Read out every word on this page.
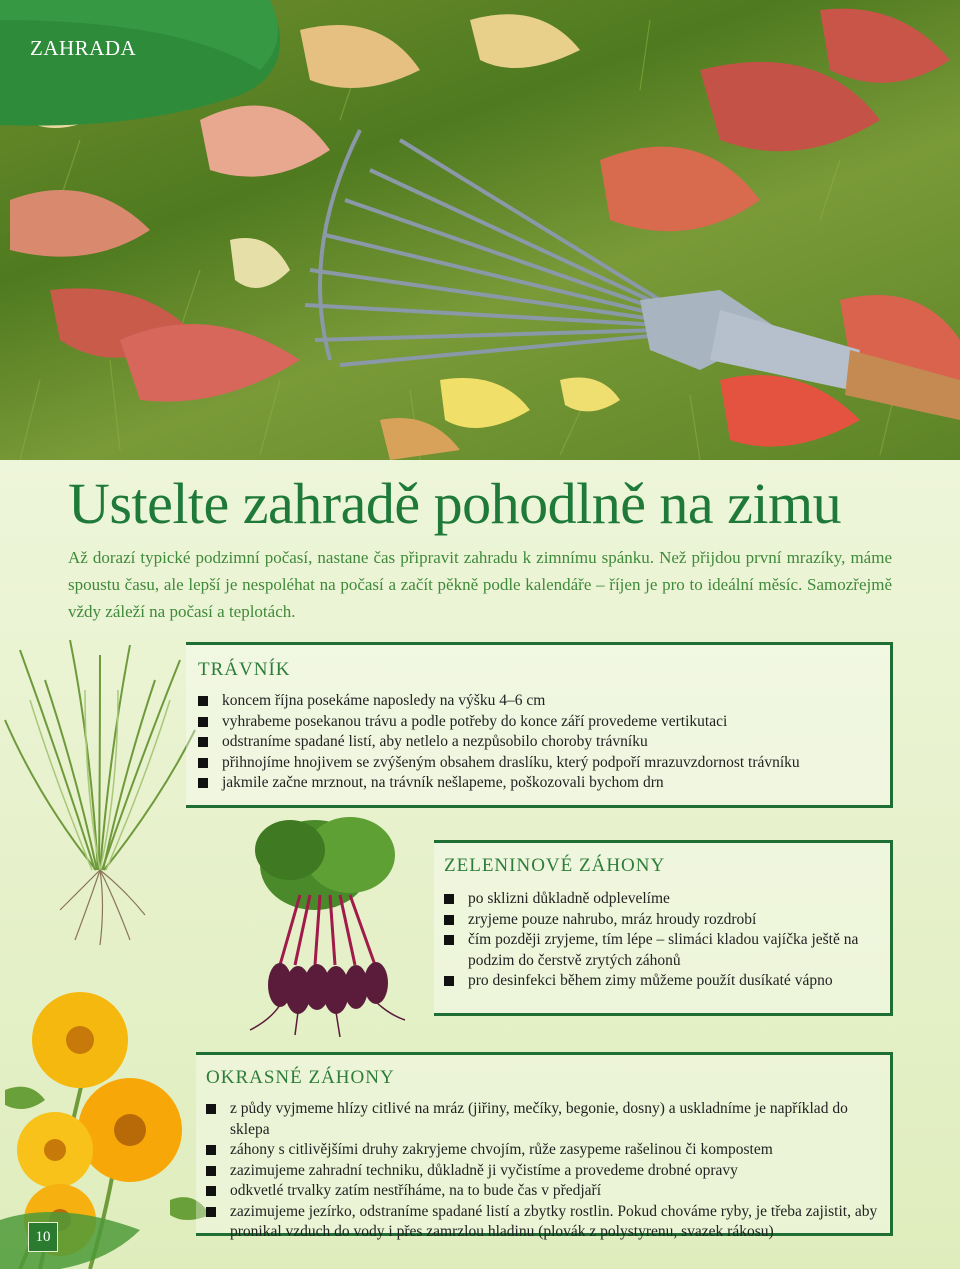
ZAHRADA
Ustelte zahradě pohodlně na zimu

Až dorazí typické podzimní počasí, nastane čas připravit zahradu k zimnímu spánku. Než přijdou první mrazíky, máme spoustu času, ale lepší je nespoléhat na počasí a začít pěkně podle kalendáře – říjen je pro to ideální měsíc. Samozřejmě vždy záleží na počasí a teplotách.

TRÁVNÍK
koncem října posekáme naposledy na výšku 4–6 cm
vyhrabeme posekanou trávu a podle potřeby do konce září provedeme vertikutaci
odstraníme spadané listí, aby netlelo a nezpůsobilo choroby trávníku
přihnojíme hnojivem se zvýšeným obsahem draslíku, který podpoří mrazuvzdornost trávníku
jakmile začne mrznout, na trávník nešlapeme, poškozovali bychom drn
ZELENINOVÉ ZÁHONY
po sklizni důkladně odplevelíme
zryjeme pouze nahrubo, mráz hroudy rozdrobí
čím později zryjeme, tím lépe – slimáci kladou vajíčka ještě na podzim do čerstvě zrytých záhonů
pro desinfekci během zimy můžeme použít dusíkaté vápno
OKRASNÉ ZÁHONY
z půdy vyjmeme hlízy citlivé na mráz (jiřiny, mečíky, begonie, dosny) a uskladníme je například do sklepa
záhony s citlivějšími druhy zakryjeme chvojím, růže zasypeme rašelinou či kompostem
zazimujeme zahradní techniku, důkladně ji vyčistíme a provedeme drobné opravy
odkvetlé trvalky zatím nestříháme, na to bude čas v předjaří
zazimujeme jezírko, odstraníme spadané listí a zbytky rostlin. Pokud chováme ryby, je třeba zajistit, aby pronikal vzduch do vody i přes zamrzlou hladinu (plovák z polystyrenu, svazek rákosu)
10
